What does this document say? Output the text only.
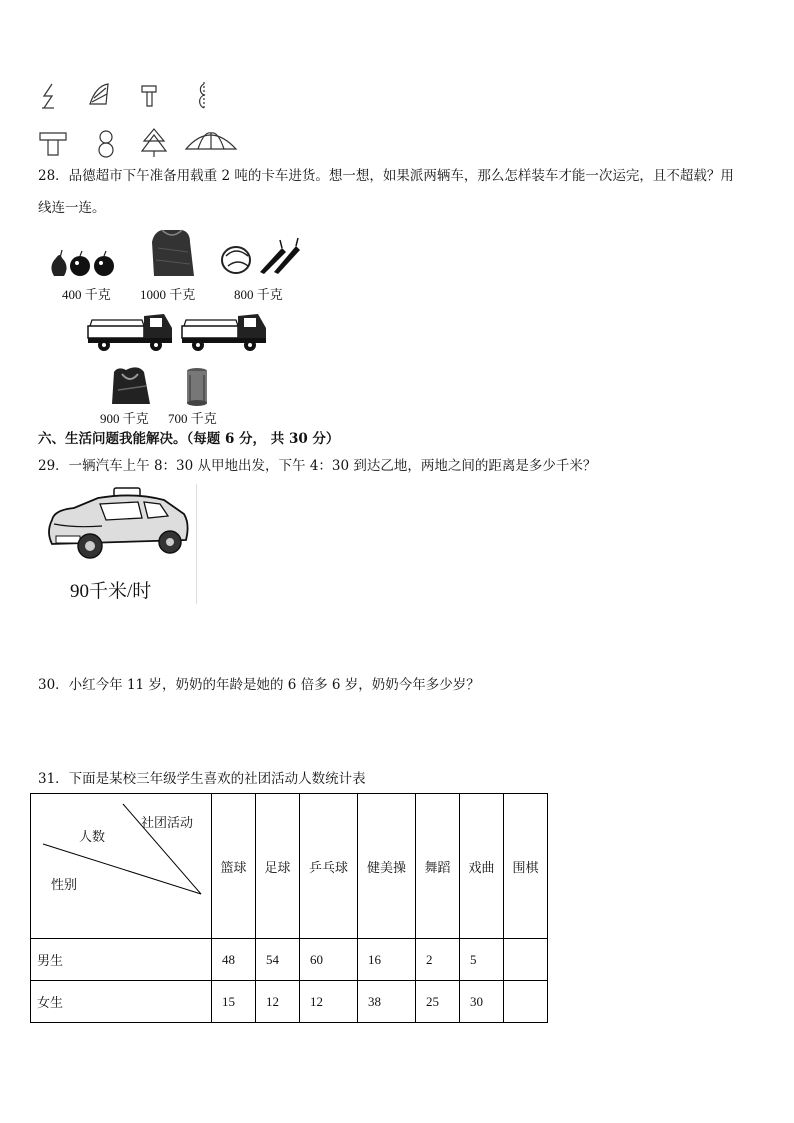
28．品德超市下午准备用载重 2 吨的卡车进货。想一想，如果派两辆车，那么怎样装车才能一次运完，且不超载？用
线连一连。
400 千克 1000 千克	800 千克
900 千克 700 千克
六、生活问题我能解决。（每题 6 分， 共 30 分）
29．一辆汽车上午 8：30 从甲地出发，下午 4：30 到达乙地，两地之间的距离是多少千米？
90千米/时
30．小红今年 11 岁，奶奶的年龄是她的 6 倍多 6 岁，奶奶今年多少岁？
31．下面是某校三年级学生喜欢的社团活动人数统计表
社团活动
人数
性别	篮球	足球	乒乓球	健美操	舞蹈	戏曲	围棋
男生	48	54	60	16	2	5	
女生	15	12	12	38	25	30	
